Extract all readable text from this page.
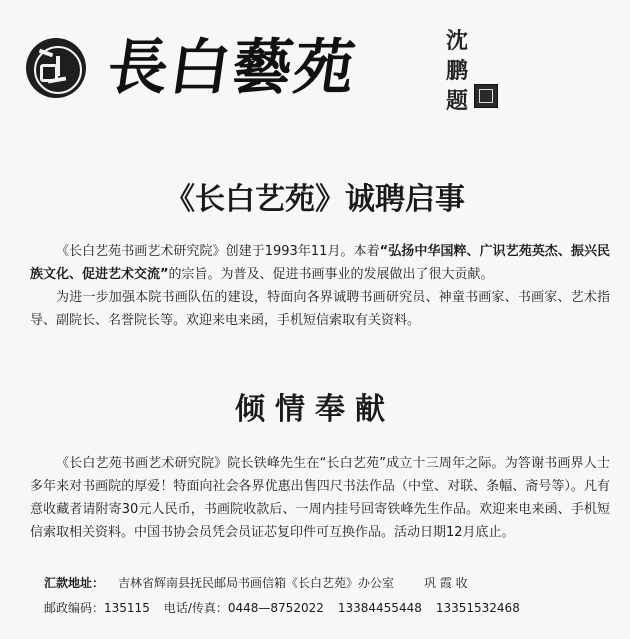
長白藝苑	沈鹏题
《长白艺苑》诚聘启事

《长白艺苑书画艺术研究院》创建于1993年11月。本着“弘扬中华国粹、广识艺苑英杰、振兴民族文化、促进艺术交流”的宗旨。为普及、促进书画事业的发展做出了很大贡献。

为进一步加强本院书画队伍的建设，特面向各界诚聘书画研究员、神童书画家、书画家、艺术指导、副院长、名誉院长等。欢迎来电来函，手机短信索取有关资料。

倾情奉献

《长白艺苑书画艺术研究院》院长铁峰先生在“长白艺苑”成立十三周年之际。为答谢书画界人士多年来对书画院的厚爱！特面向社会各界优惠出售四尺书法作品（中堂、对联、条幅、斋号等）。凡有意收藏者请附寄30元人民币，书画院收款后、一周内挂号回寄铁峰先生作品。欢迎来电来函、手机短信索取相关资料。中国书协会员凭会员证芯复印件可互换作品。活动日期12月底止。

汇款地址： 吉林省辉南县抚民邮局书画信箱《长白艺苑》办公室	巩 霞 收
邮政编码：135115 电话/传真：0448—8752022 13384455448 13351532468
